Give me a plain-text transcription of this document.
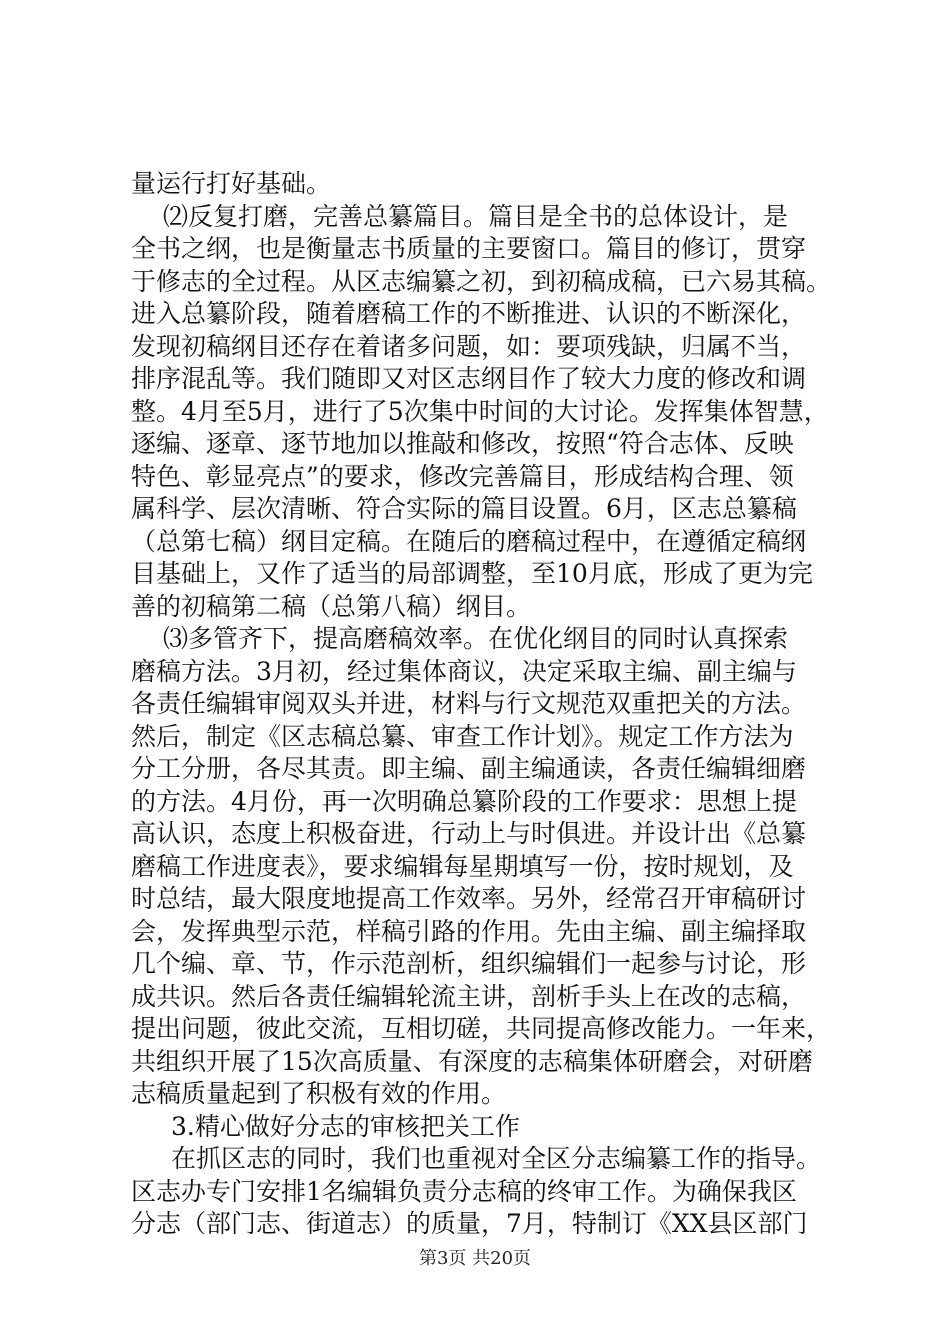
量运行打好基础。
⑵反复打磨，完善总纂篇目。篇目是全书的总体设计，是
全书之纲，也是衡量志书质量的主要窗口。篇目的修订，贯穿
于修志的全过程。从区志编纂之初，到初稿成稿，已六易其稿。
进入总纂阶段，随着磨稿工作的不断推进、认识的不断深化，
发现初稿纲目还存在着诸多问题，如：要项残缺，归属不当，
排序混乱等。我们随即又对区志纲目作了较大力度的修改和调
整。4月至5月，进行了5次集中时间的大讨论。发挥集体智慧，
逐编、逐章、逐节地加以推敲和修改，按照“符合志体、反映
特色、彰显亮点”的要求，修改完善篇目，形成结构合理、领
属科学、层次清晰、符合实际的篇目设置。6月，区志总纂稿
（总第七稿）纲目定稿。在随后的磨稿过程中，在遵循定稿纲
目基础上，又作了适当的局部调整，至10月底，形成了更为完
善的初稿第二稿（总第八稿）纲目。
⑶多管齐下，提高磨稿效率。在优化纲目的同时认真探索
磨稿方法。3月初，经过集体商议，决定采取主编、副主编与
各责任编辑审阅双头并进，材料与行文规范双重把关的方法。
然后，制定《区志稿总纂、审查工作计划》。规定工作方法为
分工分册，各尽其责。即主编、副主编通读，各责任编辑细磨
的方法。4月份，再一次明确总纂阶段的工作要求：思想上提
高认识，态度上积极奋进，行动上与时俱进。并设计出《总纂
磨稿工作进度表》，要求编辑每星期填写一份，按时规划，及
时总结，最大限度地提高工作效率。另外，经常召开审稿研讨
会，发挥典型示范，样稿引路的作用。先由主编、副主编择取
几个编、章、节，作示范剖析，组织编辑们一起参与讨论，形
成共识。然后各责任编辑轮流主讲，剖析手头上在改的志稿，
提出问题，彼此交流，互相切磋，共同提高修改能力。一年来，
共组织开展了15次高质量、有深度的志稿集体研磨会，对研磨
志稿质量起到了积极有效的作用。
3.精心做好分志的审核把关工作
在抓区志的同时，我们也重视对全区分志编纂工作的指导。
区志办专门安排1名编辑负责分志稿的终审工作。为确保我区
分志（部门志、街道志）的质量，7月，特制订《XX县区部门
第3页 共20页
